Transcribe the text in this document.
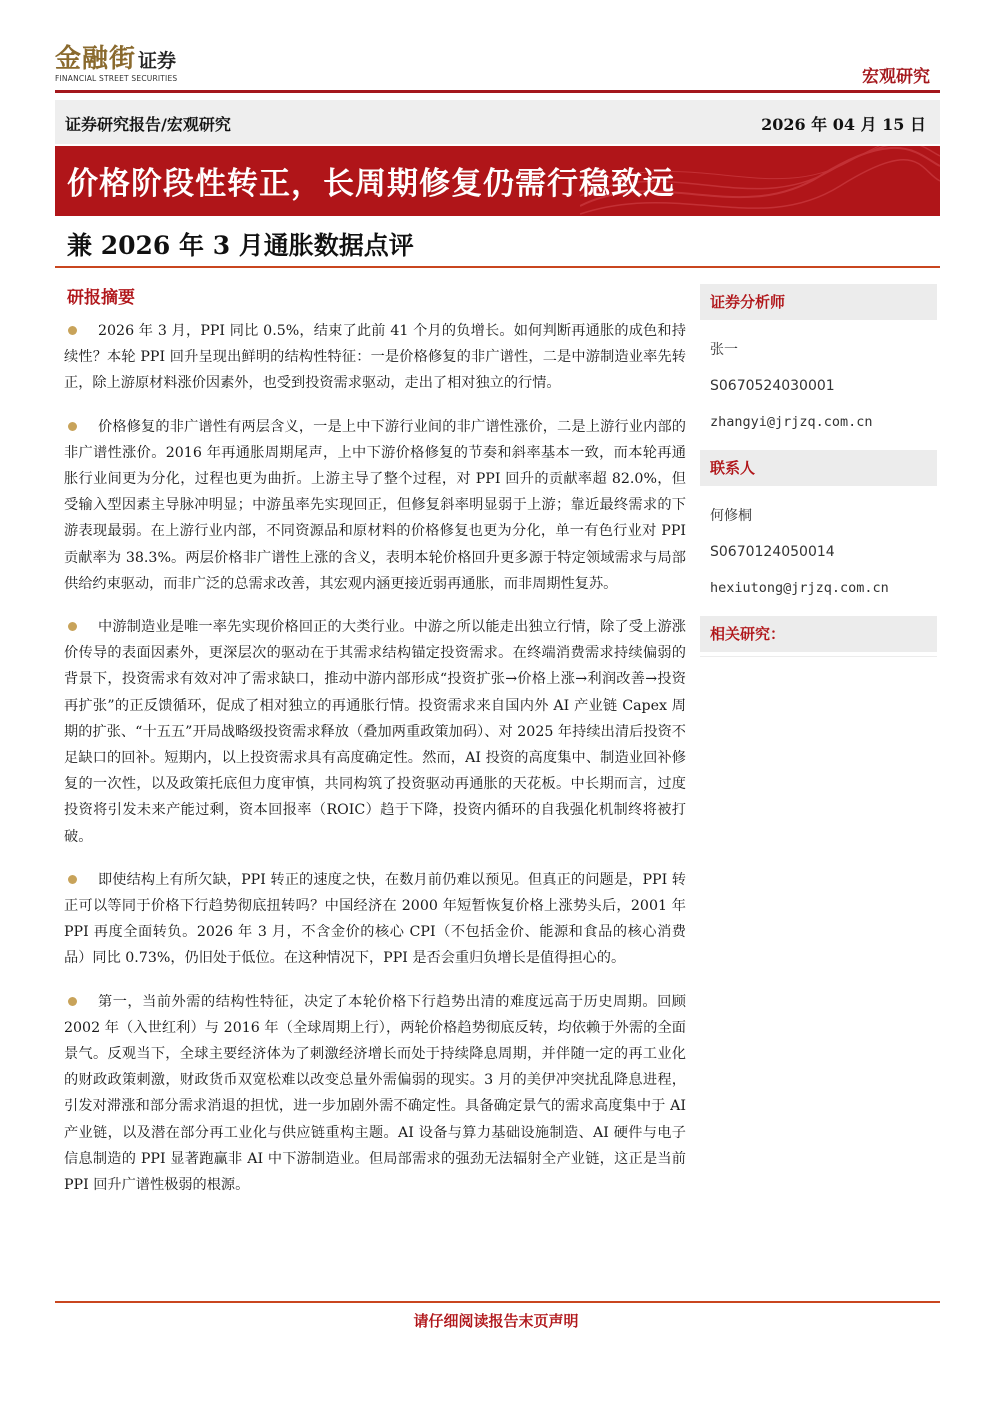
金融街 证券
FINANCIAL STREET SECURITIES	宏观研究
证券研究报告/宏观研究	2026 年 04 月 15 日
价格阶段性转正，长周期修复仍需行稳致远
兼 2026 年 3 月通胀数据点评
研报摘要

2026 年 3 月，PPI 同比 0.5%，结束了此前 41 个月的负增长。如何判断再通胀的成色和持续性？本轮 PPI 回升呈现出鲜明的结构性特征：一是价格修复的非广谱性，二是中游制造业率先转正，除上游原材料涨价因素外，也受到投资需求驱动，走出了相对独立的行情。

价格修复的非广谱性有两层含义，一是上中下游行业间的非广谱性涨价，二是上游行业内部的非广谱性涨价。2016 年再通胀周期尾声，上中下游价格修复的节奏和斜率基本一致，而本轮再通胀行业间更为分化，过程也更为曲折。上游主导了整个过程，对 PPI 回升的贡献率超 82.0%，但受输入型因素主导脉冲明显；中游虽率先实现回正，但修复斜率明显弱于上游；靠近最终需求的下游表现最弱。在上游行业内部，不同资源品和原材料的价格修复也更为分化，单一有色行业对 PPI 贡献率为 38.3%。两层价格非广谱性上涨的含义，表明本轮价格回升更多源于特定领域需求与局部供给约束驱动，而非广泛的总需求改善，其宏观内涵更接近弱再通胀，而非周期性复苏。

中游制造业是唯一率先实现价格回正的大类行业。中游之所以能走出独立行情，除了受上游涨价传导的表面因素外，更深层次的驱动在于其需求结构锚定投资需求。在终端消费需求持续偏弱的背景下，投资需求有效对冲了需求缺口，推动中游内部形成“投资扩张→价格上涨→利润改善→投资再扩张”的正反馈循环，促成了相对独立的再通胀行情。投资需求来自国内外 AI 产业链 Capex 周期的扩张、“十五五”开局战略级投资需求释放（叠加两重政策加码）、对 2025 年持续出清后投资不足缺口的回补。短期内，以上投资需求具有高度确定性。然而，AI 投资的高度集中、制造业回补修复的一次性，以及政策托底但力度审慎，共同构筑了投资驱动再通胀的天花板。中长期而言，过度投资将引发未来产能过剩，资本回报率（ROIC）趋于下降，投资内循环的自我强化机制终将被打破。

即使结构上有所欠缺，PPI 转正的速度之快，在数月前仍难以预见。但真正的问题是，PPI 转正可以等同于价格下行趋势彻底扭转吗？中国经济在 2000 年短暂恢复价格上涨势头后，2001 年 PPI 再度全面转负。2026 年 3 月，不含金价的核心 CPI（不包括金价、能源和食品的核心消费品）同比 0.73%，仍旧处于低位。在这种情况下，PPI 是否会重归负增长是值得担心的。

第一，当前外需的结构性特征，决定了本轮价格下行趋势出清的难度远高于历史周期。回顾 2002 年（入世红利）与 2016 年（全球周期上行），两轮价格趋势彻底反转，均依赖于外需的全面景气。反观当下，全球主要经济体为了刺激经济增长而处于持续降息周期，并伴随一定的再工业化的财政政策刺激，财政货币双宽松难以改变总量外需偏弱的现实。3 月的美伊冲突扰乱降息进程，引发对滞涨和部分需求消退的担忧，进一步加剧外需不确定性。具备确定景气的需求高度集中于 AI 产业链，以及潜在部分再工业化与供应链重构主题。AI 设备与算力基础设施制造、AI 硬件与电子信息制造的 PPI 显著跑赢非 AI 中下游制造业。但局部需求的强劲无法辐射全产业链，这正是当前 PPI 回升广谱性极弱的根源。

证券分析师
张一
S0670524030001
zhangyi@jrjzq.com.cn
联系人
何修桐
S0670124050014
hexiutong@jrjzq.com.cn
相关研究：
请仔细阅读报告末页声明
